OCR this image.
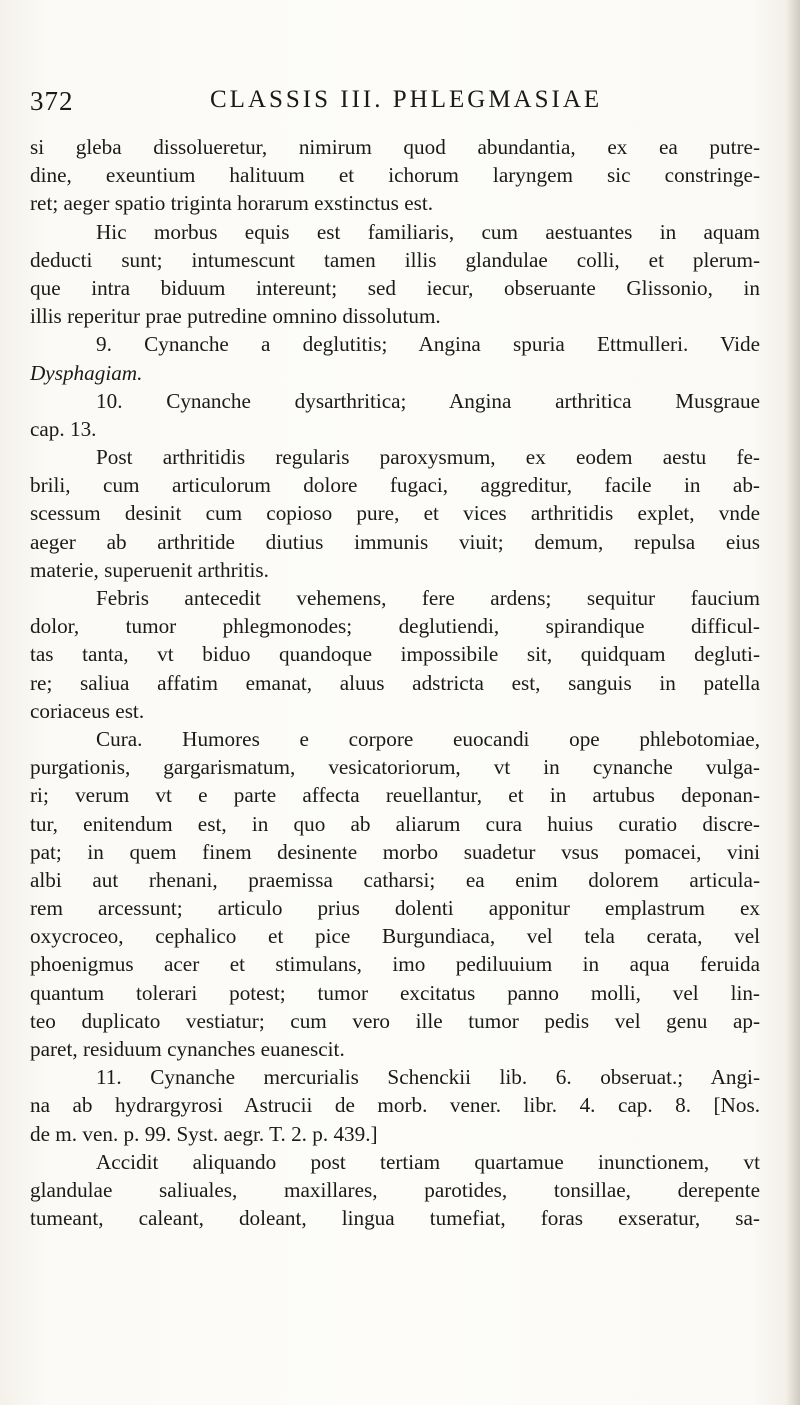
372	CLASSIS III. PHLEGMASIAE
si gleba dissolueretur, nimirum quod abundantia, ex ea putre-
dine, exeuntium halituum et ichorum laryngem sic constringe-
ret; aeger spatio triginta horarum exstinctus est.
Hic morbus equis est familiaris, cum aestuantes in aquam
deducti sunt; intumescunt tamen illis glandulae colli, et plerum-
que intra biduum intereunt; sed iecur, obseruante Glissonio, in
illis reperitur prae putredine omnino dissolutum.
9. Cynanche a deglutitis; Angina spuria Ettmulleri. Vide
Dysphagiam.
10. Cynanche dysarthritica; Angina arthritica Musgraue
cap. 13.
Post arthritidis regularis paroxysmum, ex eodem aestu fe-
brili, cum articulorum dolore fugaci, aggreditur, facile in ab-
scessum desinit cum copioso pure, et vices arthritidis explet, vnde
aeger ab arthritide diutius immunis viuit; demum, repulsa eius
materie, superuenit arthritis.
Febris antecedit vehemens, fere ardens; sequitur faucium
dolor, tumor phlegmonodes; deglutiendi, spirandique difficul-
tas tanta, vt biduo quandoque impossibile sit, quidquam degluti-
re; saliua affatim emanat, aluus adstricta est, sanguis in patella
coriaceus est.
Cura. Humores e corpore euocandi ope phlebotomiae,
purgationis, gargarismatum, vesicatoriorum, vt in cynanche vulga-
ri; verum vt e parte affecta reuellantur, et in artubus deponan-
tur, enitendum est, in quo ab aliarum cura huius curatio discre-
pat; in quem finem desinente morbo suadetur vsus pomacei, vini
albi aut rhenani, praemissa catharsi; ea enim dolorem articula-
rem arcessunt; articulo prius dolenti apponitur emplastrum ex
oxycroceo, cephalico et pice Burgundiaca, vel tela cerata, vel
phoenigmus acer et stimulans, imo pediluuium in aqua feruida
quantum tolerari potest; tumor excitatus panno molli, vel lin-
teo duplicato vestiatur; cum vero ille tumor pedis vel genu ap-
paret, residuum cynanches euanescit.
11. Cynanche mercurialis Schenckii lib. 6. obseruat.; Angi-
na ab hydrargyrosi Astrucii de morb. vener. libr. 4. cap. 8. [Nos.
de m. ven. p. 99. Syst. aegr. T. 2. p. 439.]
Accidit aliquando post tertiam quartamue inunctionem, vt
glandulae saliuales, maxillares, parotides, tonsillae, derepente
tumeant, caleant, doleant, lingua tumefiat, foras exseratur, sa-
